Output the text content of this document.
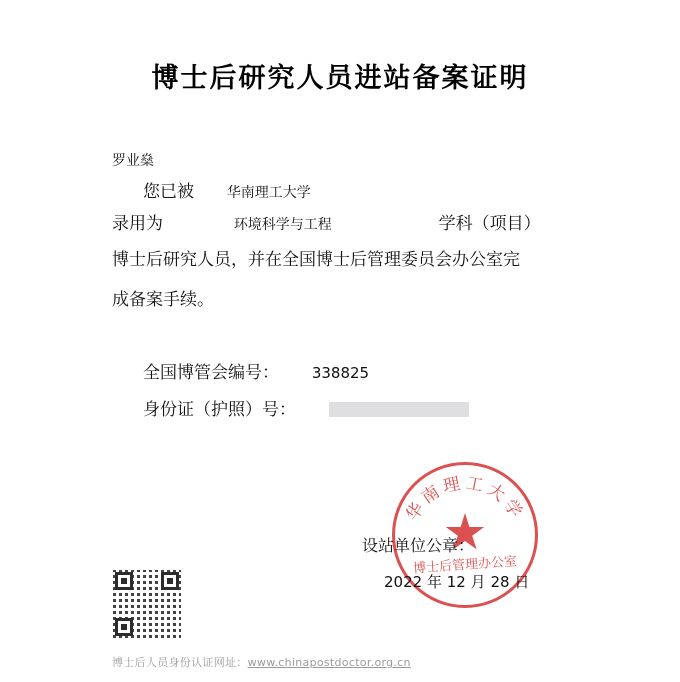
博士后研究人员进站备案证明
罗业燊
您已被 华南理工大学
录用为	环境科学与工程	学科（项目）
博士后研究人员，并在全国博士后管理委员会办公室完
成备案手续。
全国博管会编号： 338825
身份证（护照）号：
华南理工大学
博士后管理办公室
设站单位公章：
2022 年 12 月 28 日
博士后人员身份认证网址：www.chinapostdoctor.org.cn
